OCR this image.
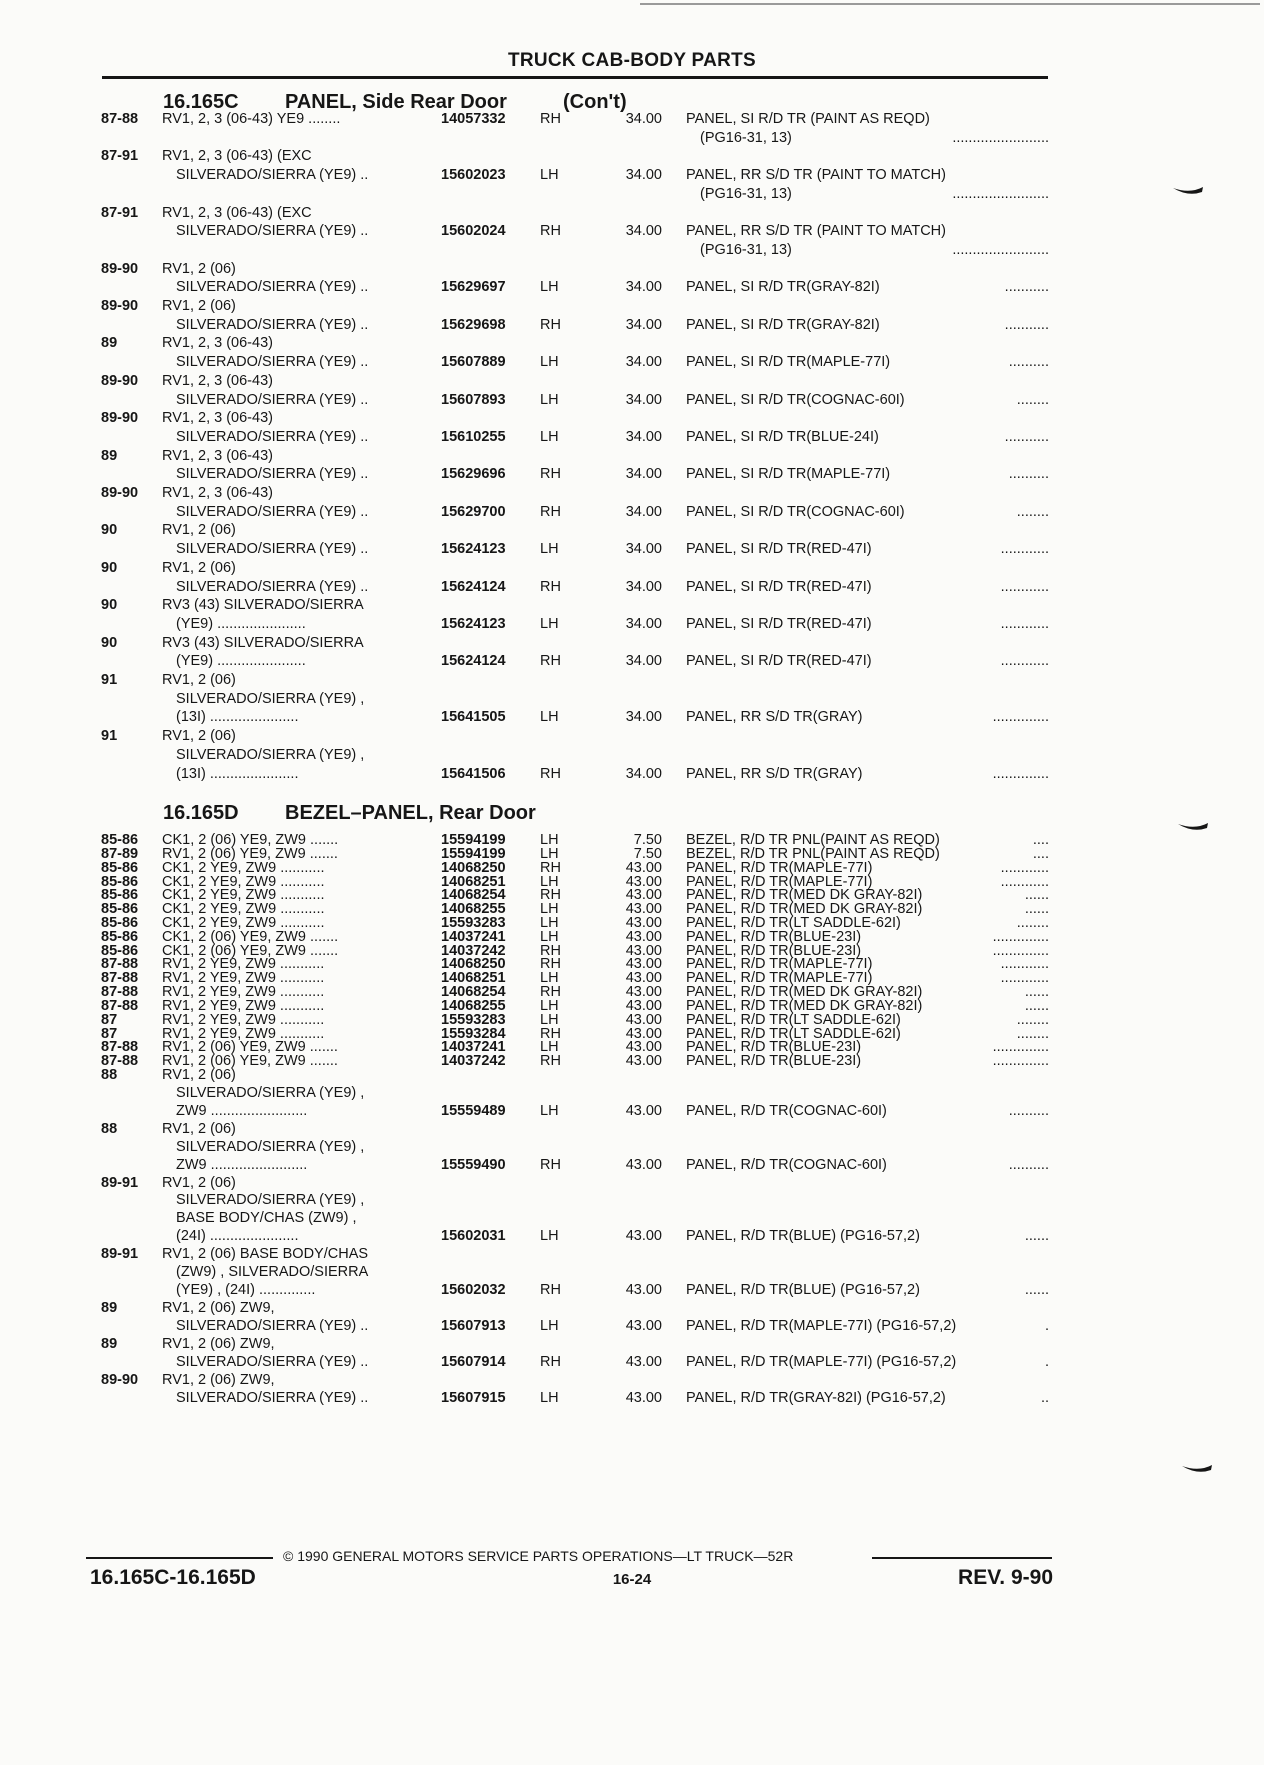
TRUCK CAB-BODY PARTS
16.165C PANEL, Side Rear Door	(Con't)
16.165D BEZEL–PANEL, Rear Door
87-88 RV1, 2, 3 (06-43) YE9 ........	14057332 RH	34.00 PANEL, SI R/D TR (PAINT AS REQD)
(PG16-31, 13)	........................
87-91 RV1, 2, 3 (06-43) (EXC
SILVERADO/SIERRA (YE9) ..	15602023 LH	34.00 PANEL, RR S/D TR (PAINT TO MATCH)
(PG16-31, 13)	........................
87-91 RV1, 2, 3 (06-43) (EXC
SILVERADO/SIERRA (YE9) ..	15602024 RH	34.00 PANEL, RR S/D TR (PAINT TO MATCH)
(PG16-31, 13)	........................
89-90 RV1, 2 (06)
SILVERADO/SIERRA (YE9) ..	15629697 LH	34.00 PANEL, SI R/D TR(GRAY-82I)	...........
89-90 RV1, 2 (06)
SILVERADO/SIERRA (YE9) ..	15629698 RH	34.00 PANEL, SI R/D TR(GRAY-82I)	...........
89	RV1, 2, 3 (06-43)
SILVERADO/SIERRA (YE9) ..	15607889 LH	34.00 PANEL, SI R/D TR(MAPLE-77I)	..........
89-90 RV1, 2, 3 (06-43)
SILVERADO/SIERRA (YE9) ..	15607893 LH	34.00 PANEL, SI R/D TR(COGNAC-60I)	........
89-90 RV1, 2, 3 (06-43)
SILVERADO/SIERRA (YE9) ..	15610255 LH	34.00 PANEL, SI R/D TR(BLUE-24I)	...........
89	RV1, 2, 3 (06-43)
SILVERADO/SIERRA (YE9) ..	15629696 RH	34.00 PANEL, SI R/D TR(MAPLE-77I)	..........
89-90 RV1, 2, 3 (06-43)
SILVERADO/SIERRA (YE9) ..	15629700 RH	34.00 PANEL, SI R/D TR(COGNAC-60I)	........
90	RV1, 2 (06)
SILVERADO/SIERRA (YE9) ..	15624123 LH	34.00 PANEL, SI R/D TR(RED-47I)	............
90	RV1, 2 (06)
SILVERADO/SIERRA (YE9) ..	15624124 RH	34.00 PANEL, SI R/D TR(RED-47I)	............
90	RV3 (43) SILVERADO/SIERRA
(YE9) ......................	15624123 LH	34.00 PANEL, SI R/D TR(RED-47I)	............
90	RV3 (43) SILVERADO/SIERRA
(YE9) ......................	15624124 RH	34.00 PANEL, SI R/D TR(RED-47I)	............
91	RV1, 2 (06)
SILVERADO/SIERRA (YE9) ,
(13I) ......................	15641505 LH	34.00 PANEL, RR S/D TR(GRAY)	..............
91	RV1, 2 (06)
SILVERADO/SIERRA (YE9) ,
(13I) ......................	15641506 RH	34.00 PANEL, RR S/D TR(GRAY)	..............
85-86 CK1, 2 (06) YE9, ZW9 .......	15594199 LH	7.50 BEZEL, R/D TR PNL(PAINT AS REQD)	....
87-89 RV1, 2 (06) YE9, ZW9 .......	15594199 LH	7.50 BEZEL, R/D TR PNL(PAINT AS REQD)	....
85-86 CK1, 2 YE9, ZW9 ...........	14068250 RH	43.00 PANEL, R/D TR(MAPLE-77I)	............
85-86 CK1, 2 YE9, ZW9 ...........	14068251 LH	43.00 PANEL, R/D TR(MAPLE-77I)	............
85-86 CK1, 2 YE9, ZW9 ...........	14068254 RH	43.00 PANEL, R/D TR(MED DK GRAY-82I)	......
85-86 CK1, 2 YE9, ZW9 ...........	14068255 LH	43.00 PANEL, R/D TR(MED DK GRAY-82I)	......
85-86 CK1, 2 YE9, ZW9 ...........	15593283 LH	43.00 PANEL, R/D TR(LT SADDLE-62I)	........
85-86 CK1, 2 (06) YE9, ZW9 .......	14037241 LH	43.00 PANEL, R/D TR(BLUE-23I)	..............
85-86 CK1, 2 (06) YE9, ZW9 .......	14037242 RH	43.00 PANEL, R/D TR(BLUE-23I)	..............
87-88 RV1, 2 YE9, ZW9 ...........	14068250 RH	43.00 PANEL, R/D TR(MAPLE-77I)	............
87-88 RV1, 2 YE9, ZW9 ...........	14068251 LH	43.00 PANEL, R/D TR(MAPLE-77I)	............
87-88 RV1, 2 YE9, ZW9 ...........	14068254 RH	43.00 PANEL, R/D TR(MED DK GRAY-82I)	......
87-88 RV1, 2 YE9, ZW9 ...........	14068255 LH	43.00 PANEL, R/D TR(MED DK GRAY-82I)	......
87	RV1, 2 YE9, ZW9 ...........	15593283 LH	43.00 PANEL, R/D TR(LT SADDLE-62I)	........
87	RV1, 2 YE9, ZW9 ...........	15593284 RH	43.00 PANEL, R/D TR(LT SADDLE-62I)	........
87-88 RV1, 2 (06) YE9, ZW9 .......	14037241 LH	43.00 PANEL, R/D TR(BLUE-23I)	..............
87-88 RV1, 2 (06) YE9, ZW9 .......	14037242 RH	43.00 PANEL, R/D TR(BLUE-23I)	..............
88	RV1, 2 (06)
SILVERADO/SIERRA (YE9) ,
ZW9 ........................	15559489 LH	43.00 PANEL, R/D TR(COGNAC-60I)	..........
88	RV1, 2 (06)
SILVERADO/SIERRA (YE9) ,
ZW9 ........................	15559490 RH	43.00 PANEL, R/D TR(COGNAC-60I)	..........
89-91 RV1, 2 (06)
SILVERADO/SIERRA (YE9) ,
BASE BODY/CHAS (ZW9) ,
(24I) ......................	15602031 LH	43.00 PANEL, R/D TR(BLUE) (PG16-57,2)	......
89-91 RV1, 2 (06) BASE BODY/CHAS
(ZW9) , SILVERADO/SIERRA
(YE9) , (24I) ..............	15602032 RH	43.00 PANEL, R/D TR(BLUE) (PG16-57,2)	......
89	RV1, 2 (06) ZW9,
SILVERADO/SIERRA (YE9) ..	15607913 LH	43.00 PANEL, R/D TR(MAPLE-77I) (PG16-57,2)	.
89	RV1, 2 (06) ZW9,
SILVERADO/SIERRA (YE9) ..	15607914 RH	43.00 PANEL, R/D TR(MAPLE-77I) (PG16-57,2)	.
89-90 RV1, 2 (06) ZW9,
SILVERADO/SIERRA (YE9) ..	15607915 LH	43.00 PANEL, R/D TR(GRAY-82I) (PG16-57,2)	..
© 1990 GENERAL MOTORS SERVICE PARTS OPERATIONS—LT TRUCK—52R
16.165C-16.165D	16-24	REV. 9-90
